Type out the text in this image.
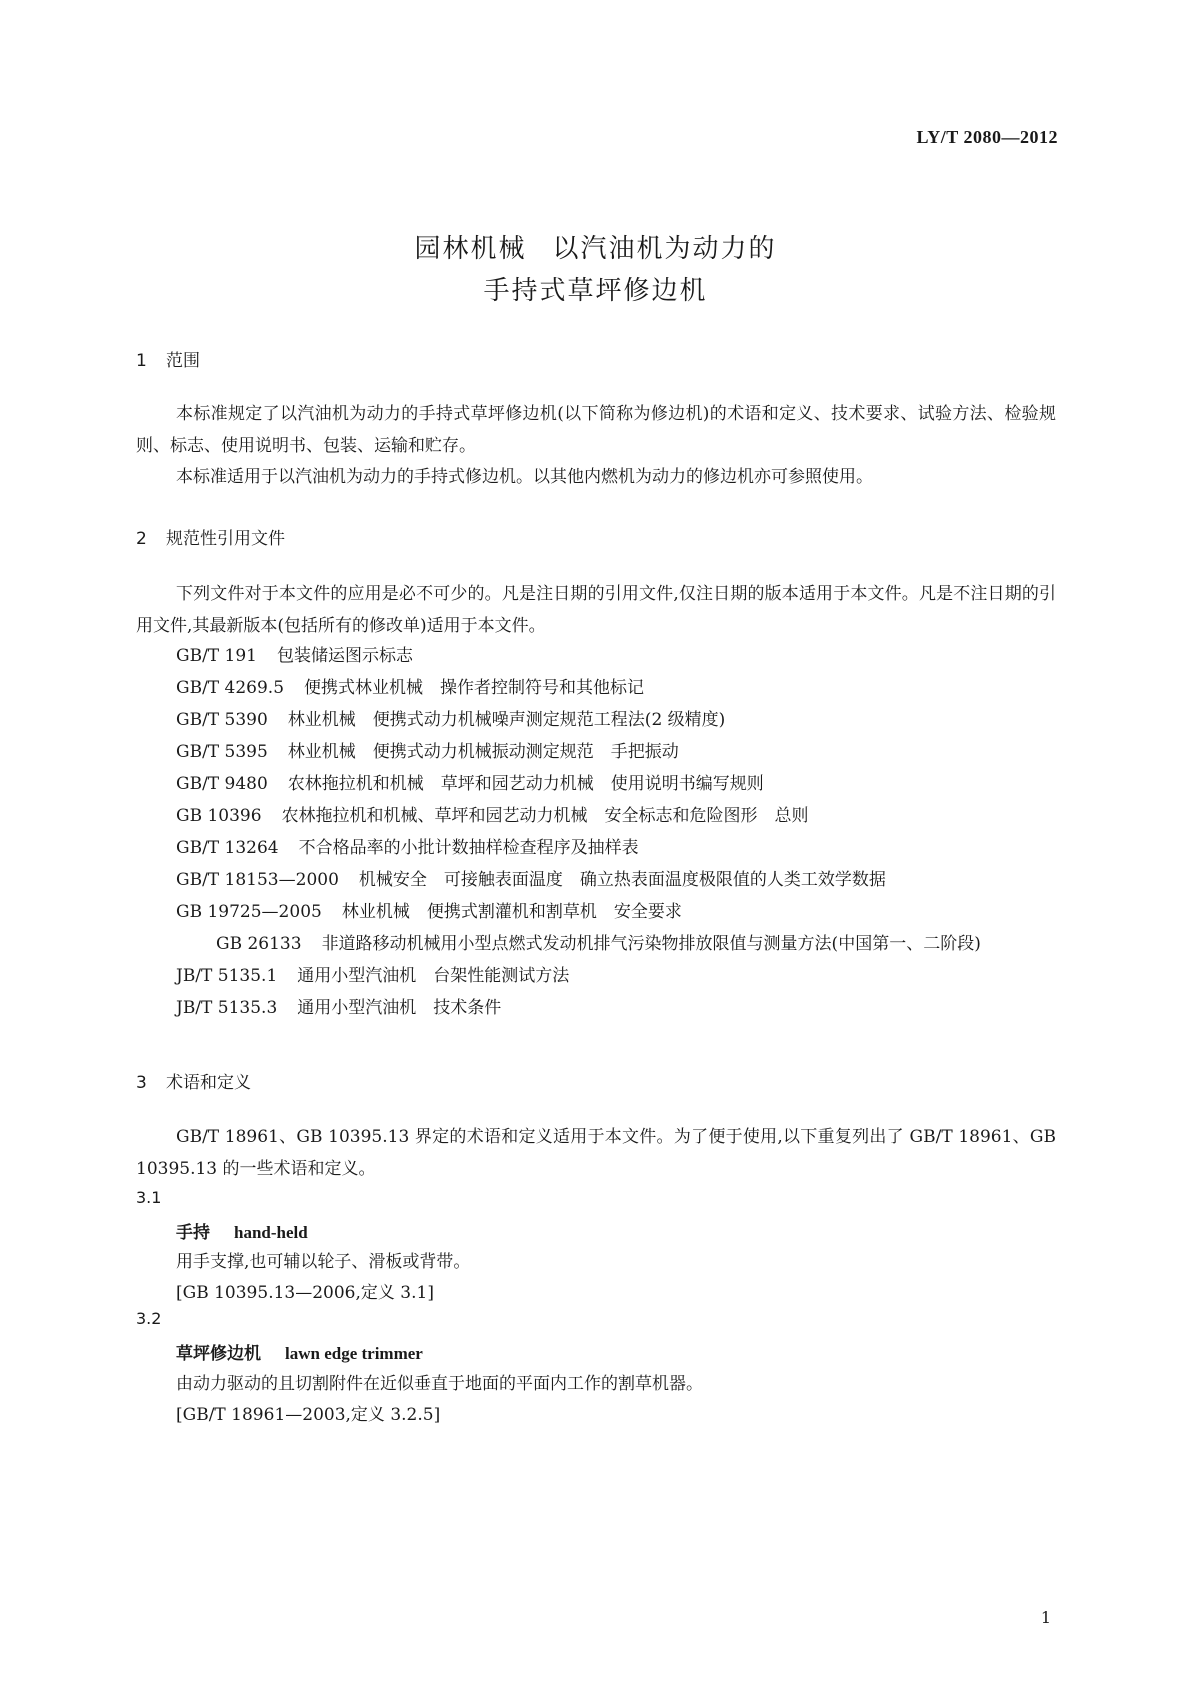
LY/T 2080—2012
园林机械 以汽油机为动力的
手持式草坪修边机
1 范围
本标准规定了以汽油机为动力的手持式草坪修边机(以下简称为修边机)的术语和定义、技术要求、试验方法、检验规则、标志、使用说明书、包装、运输和贮存。
本标准适用于以汽油机为动力的手持式修边机。以其他内燃机为动力的修边机亦可参照使用。
2 规范性引用文件
下列文件对于本文件的应用是必不可少的。凡是注日期的引用文件,仅注日期的版本适用于本文件。凡是不注日期的引用文件,其最新版本(包括所有的修改单)适用于本文件。
GB/T 191 包装储运图示标志
GB/T 4269.5 便携式林业机械　操作者控制符号和其他标记
GB/T 5390 林业机械　便携式动力机械噪声测定规范工程法(2 级精度)
GB/T 5395 林业机械　便携式动力机械振动测定规范　手把振动
GB/T 9480 农林拖拉机和机械　草坪和园艺动力机械　使用说明书编写规则
GB 10396 农林拖拉机和机械、草坪和园艺动力机械　安全标志和危险图形　总则
GB/T 13264 不合格品率的小批计数抽样检查程序及抽样表
GB/T 18153—2000 机械安全　可接触表面温度　确立热表面温度极限值的人类工效学数据
GB 19725—2005 林业机械　便携式割灌机和割草机　安全要求
GB 26133 非道路移动机械用小型点燃式发动机排气污染物排放限值与测量方法(中国第一、二阶段)
JB/T 5135.1 通用小型汽油机　台架性能测试方法
JB/T 5135.3 通用小型汽油机　技术条件
3 术语和定义
GB/T 18961、GB 10395.13 界定的术语和定义适用于本文件。为了便于使用,以下重复列出了 GB/T 18961、GB 10395.13 的一些术语和定义。
3.1
手持 hand-held
用手支撑,也可辅以轮子、滑板或背带。
[GB 10395.13—2006,定义 3.1]
3.2
草坪修边机 lawn edge trimmer
由动力驱动的且切割附件在近似垂直于地面的平面内工作的割草机器。
[GB/T 18961—2003,定义 3.2.5]
1
